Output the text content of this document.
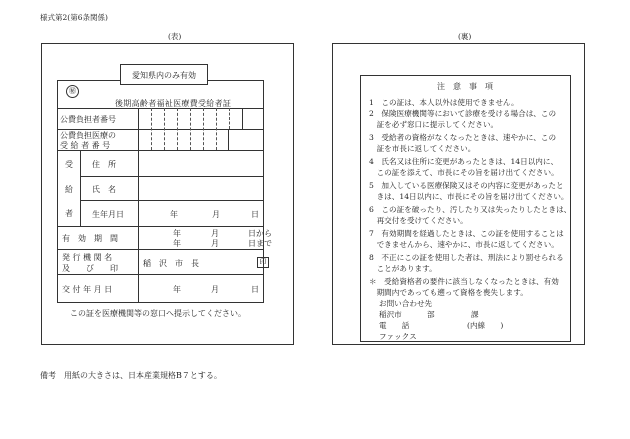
様式第2(第6条関係)
(表)	(裏)
愛知県内のみ有効
㊙
後期高齢者福祉医療費受給者証
公費負担者番号
公費負担医療の
受 給 者 番 号
受
給
者
住　所
氏　名
生年月日	年	月	日
有　効　期　間
年	月	日から
年	月	日まで
発 行 機 関 名
及　　び　　印
稲　沢　市　長	印
交 付 年 月 日	年	月	日
この証を医療機関等の窓口へ提示してください。
注意事項
1　この証は、本人以外は使用できません。
2　保険医療機関等において診療を受ける場合は、この
　証を必ず窓口に提示してください。
3　受給者の資格がなくなったときは、速やかに、この
　証を市長に返してください。
4　氏名又は住所に変更があったときは、14日以内に、
　この証を添えて、市長にその旨を届け出てください。
5　加入している医療保険又はその内容に変更があったと
　きは、14日以内に、市長にその旨を届け出てください。
6　この証を破ったり、汚したり又は失ったりしたときは、
　再交付を受けてください。
7　有効期間を経過したときは、この証を使用することは
　できませんから、速やかに、市長に返してください。
8　不正にこの証を使用した者は、刑法により罰せられる
　ことがあります。
＊　受給資格者の要件に該当しなくなったときは、有効
　期間内であっても遡って資格を喪失します。
お問い合わせ先
稲沢市	部	課
電　　話	(内線　　)
ファックス
備考　用紙の大きさは、日本産業規格B７とする。
